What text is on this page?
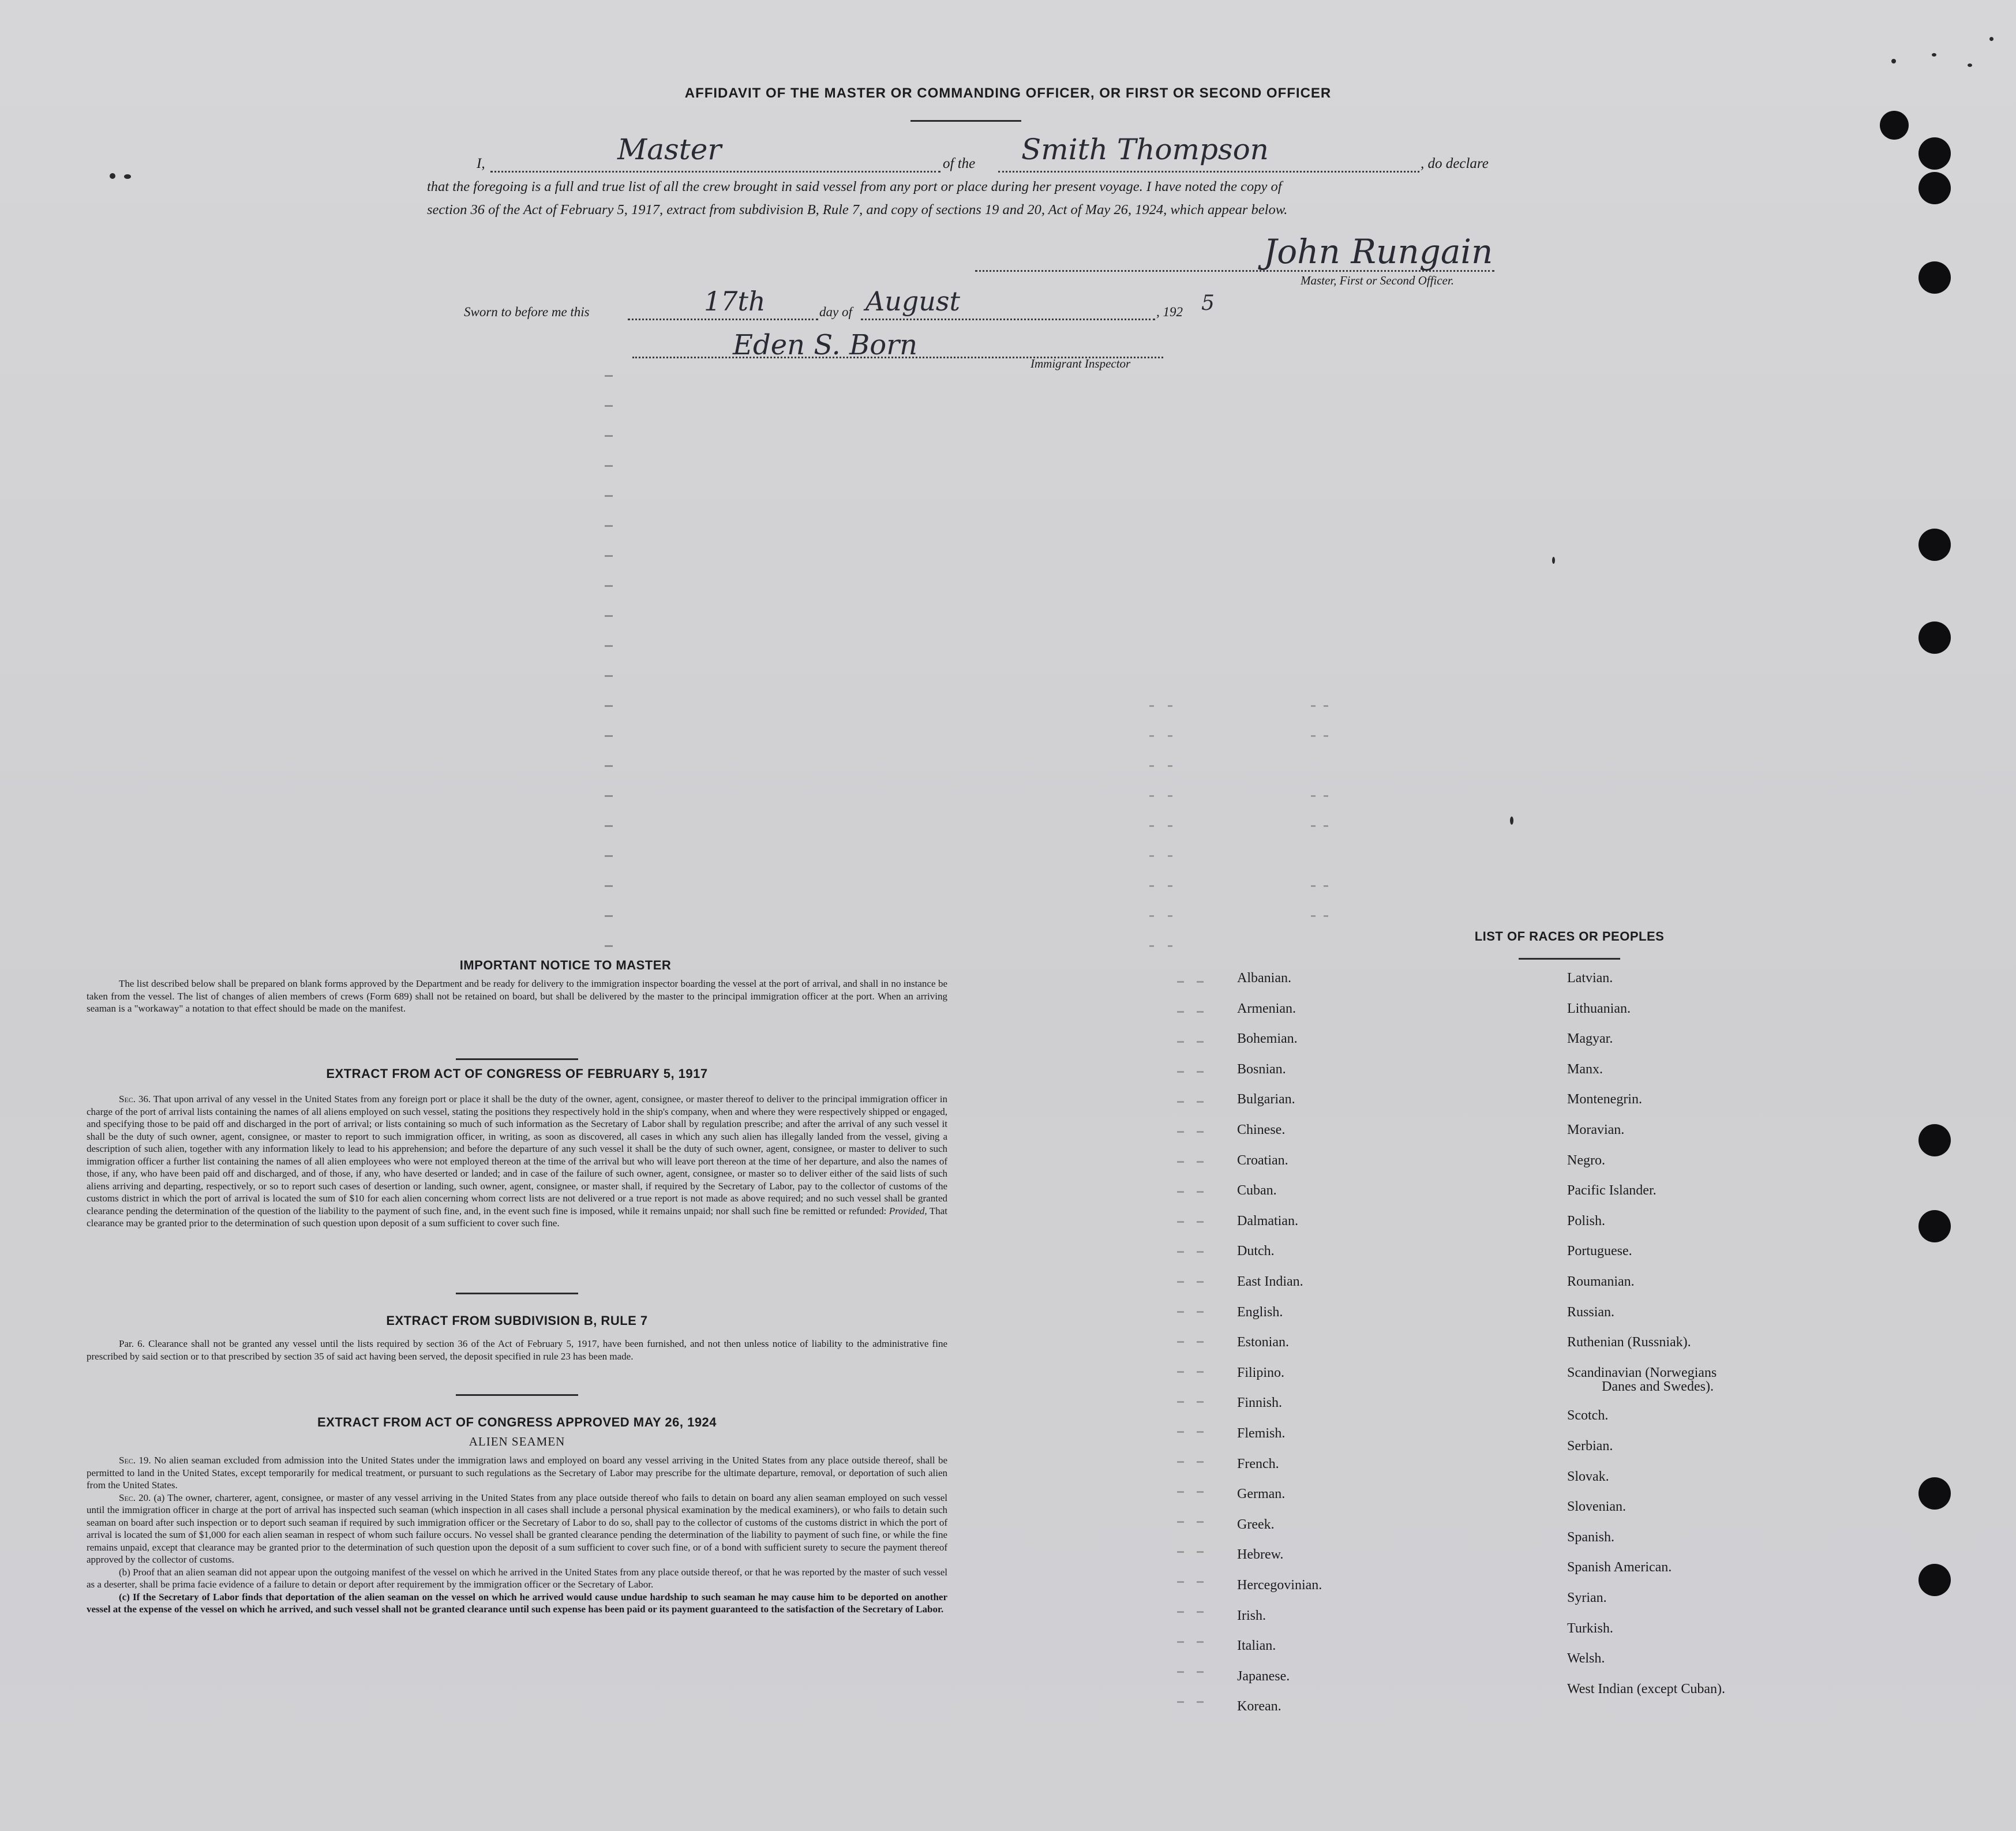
AFFIDAVIT OF THE MASTER OR COMMANDING OFFICER, OR FIRST OR SECOND OFFICER
I,	Master	of the Smith Thompson	, do declare
that the foregoing is a full and true list of all the crew brought in said vessel from any port or place during her present voyage. I have noted the copy of
section 36 of the Act of February 5, 1917, extract from subdivision B, Rule 7, and copy of sections 19 and 20, Act of May 26, 1924, which appear below.
John Rungain
Master, First or Second Officer.
Sworn to before me this	17th	day of August	, 192 5
Eden S. Born
Immigrant Inspector
IMPORTANT NOTICE TO MASTER

The list described below shall be prepared on blank forms approved by the Department and be ready for delivery to the immigration inspector boarding the vessel at the port of arrival, and shall in no instance be taken from the vessel. The list of changes of alien members of crews (Form 689) shall not be retained on board, but shall be delivered by the master to the principal immigration officer at the port. When an arriving seaman is a "workaway" a notation to that effect should be made on the manifest.

EXTRACT FROM ACT OF CONGRESS OF FEBRUARY 5, 1917

Sec. 36. That upon arrival of any vessel in the United States from any foreign port or place it shall be the duty of the owner, agent, consignee, or master thereof to deliver to the principal immigration officer in charge of the port of arrival lists containing the names of all aliens employed on such vessel, stating the positions they respectively hold in the ship's company, when and where they were respectively shipped or engaged, and specifying those to be paid off and discharged in the port of arrival; or lists containing so much of such information as the Secretary of Labor shall by regulation prescribe; and after the arrival of any such vessel it shall be the duty of such owner, agent, consignee, or master to report to such immigration officer, in writing, as soon as discovered, all cases in which any such alien has illegally landed from the vessel, giving a description of such alien, together with any information likely to lead to his apprehension; and before the departure of any such vessel it shall be the duty of such owner, agent, consignee, or master to deliver to such immigration officer a further list containing the names of all alien employees who were not employed thereon at the time of the arrival but who will leave port thereon at the time of her departure, and also the names of those, if any, who have been paid off and discharged, and of those, if any, who have deserted or landed; and in case of the failure of such owner, agent, consignee, or master so to deliver either of the said lists of such aliens arriving and departing, respectively, or so to report such cases of desertion or landing, such owner, agent, consignee, or master shall, if required by the Secretary of Labor, pay to the collector of customs of the customs district in which the port of arrival is located the sum of $10 for each alien concerning whom correct lists are not delivered or a true report is not made as above required; and no such vessel shall be granted clearance pending the determination of the question of the liability to the payment of such fine, and, in the event such fine is imposed, while it remains unpaid; nor shall such fine be remitted or refunded: Provided, That clearance may be granted prior to the determination of such question upon deposit of a sum sufficient to cover such fine.

EXTRACT FROM SUBDIVISION B, RULE 7

Par. 6. Clearance shall not be granted any vessel until the lists required by section 36 of the Act of February 5, 1917, have been furnished, and not then unless notice of liability to the administrative fine prescribed by said section or to that prescribed by section 35 of said act having been served, the deposit specified in rule 23 has been made.

EXTRACT FROM ACT OF CONGRESS APPROVED MAY 26, 1924
ALIEN SEAMEN

Sec. 19. No alien seaman excluded from admission into the United States under the immigration laws and employed on board any vessel arriving in the United States from any place outside thereof, shall be permitted to land in the United States, except temporarily for medical treatment, or pursuant to such regulations as the Secretary of Labor may prescribe for the ultimate departure, removal, or deportation of such alien from the United States.

Sec. 20. (a) The owner, charterer, agent, consignee, or master of any vessel arriving in the United States from any place outside thereof who fails to detain on board any alien seaman employed on such vessel until the immigration officer in charge at the port of arrival has inspected such seaman (which inspection in all cases shall include a personal physical examination by the medical examiners), or who fails to detain such seaman on board after such inspection or to deport such seaman if required by such immigration officer or the Secretary of Labor to do so, shall pay to the collector of customs of the customs district in which the port of arrival is located the sum of $1,000 for each alien seaman in respect of whom such failure occurs. No vessel shall be granted clearance pending the determination of the liability to payment of such fine, or while the fine remains unpaid, except that clearance may be granted prior to the determination of such question upon the deposit of a sum sufficient to cover such fine, or of a bond with sufficient surety to secure the payment thereof approved by the collector of customs.

(b) Proof that an alien seaman did not appear upon the outgoing manifest of the vessel on which he arrived in the United States from any place outside thereof, or that he was reported by the master of such vessel as a deserter, shall be prima facie evidence of a failure to detain or deport after requirement by the immigration officer or the Secretary of Labor.

(c) If the Secretary of Labor finds that deportation of the alien seaman on the vessel on which he arrived would cause undue hardship to such seaman he may cause him to be deported on another vessel at the expense of the vessel on which he arrived, and such vessel shall not be granted clearance until such expense has been paid or its payment guaranteed to the satisfaction of the Secretary of Labor.

LIST OF RACES OR PEOPLES
Albanian.
Armenian.
Bohemian.
Bosnian.
Bulgarian.
Chinese.
Croatian.
Cuban.
Dalmatian.
Dutch.
East Indian.
English.
Estonian.
Filipino.
Finnish.
Flemish.
French.
German.
Greek.
Hebrew.
Hercegovinian.
Irish.
Italian.
Japanese.
Korean.
Latvian.
Lithuanian.
Magyar.
Manx.
Montenegrin.
Moravian.
Negro.
Pacific Islander.
Polish.
Portuguese.
Roumanian.
Russian.
Ruthenian (Russniak).
Scandinavian (Norwegians
Danes and Swedes).
Scotch.
Serbian.
Slovak.
Slovenian.
Spanish.
Spanish American.
Syrian.
Turkish.
Welsh.
West Indian (except Cuban).
